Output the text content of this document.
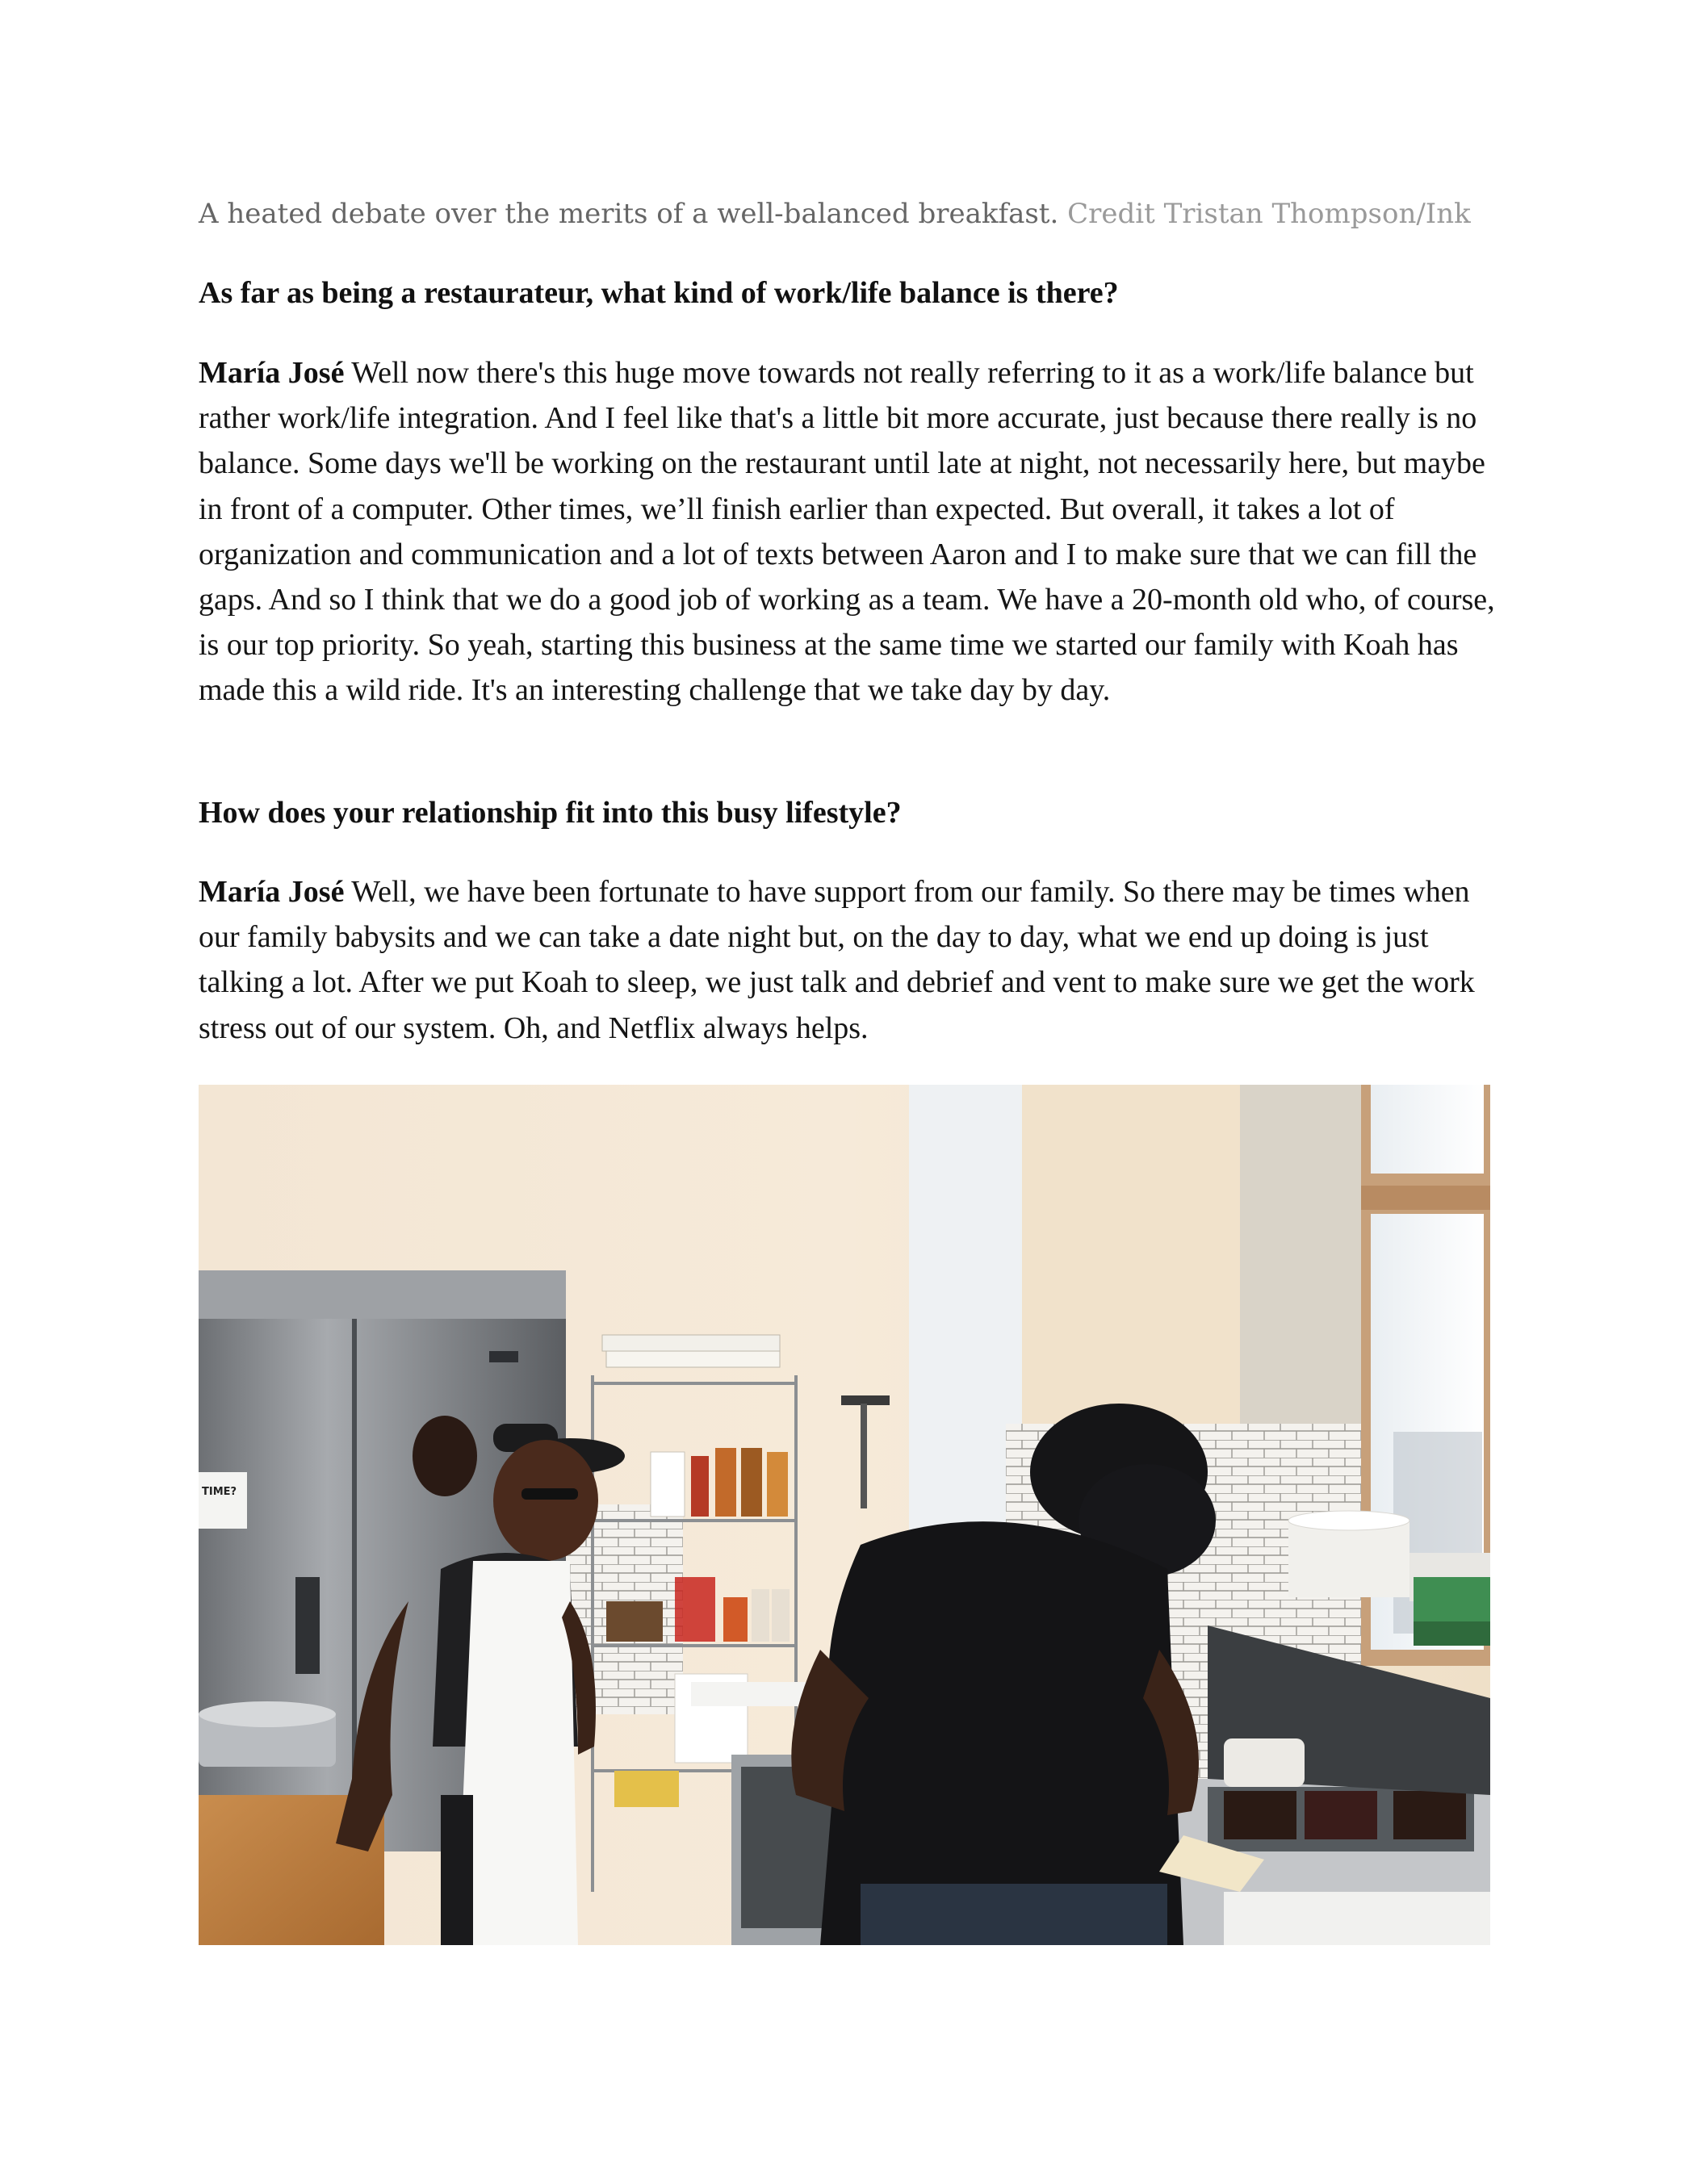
A heated debate over the merits of a well-balanced breakfast. Credit Tristan Thompson/Ink
As far as being a restaurateur, what kind of work/life balance is there?

María José Well now there's this huge move towards not really referring to it as a work/life balance but rather work/life integration. And I feel like that's a little bit more accurate, just because there really is no balance. Some days we'll be working on the restaurant until late at night, not necessarily here, but maybe in front of a computer. Other times, we’ll finish earlier than expected. But overall, it takes a lot of organization and communication and a lot of texts between Aaron and I to make sure that we can fill the gaps. And so I think that we do a good job of working as a team. We have a 20-month old who, of course, is our top priority. So yeah, starting this business at the same time we started our family with Koah has made this a wild ride. It's an interesting challenge that we take day by day.

How does your relationship fit into this busy lifestyle?

María José Well, we have been fortunate to have support from our family. So there may be times when our family babysits and we can take a date night but, on the day to day, what we end up doing is just talking a lot. After we put Koah to sleep, we just talk and debrief and vent to make sure we get the work stress out of our system. Oh, and Netflix always helps.

TIME?
